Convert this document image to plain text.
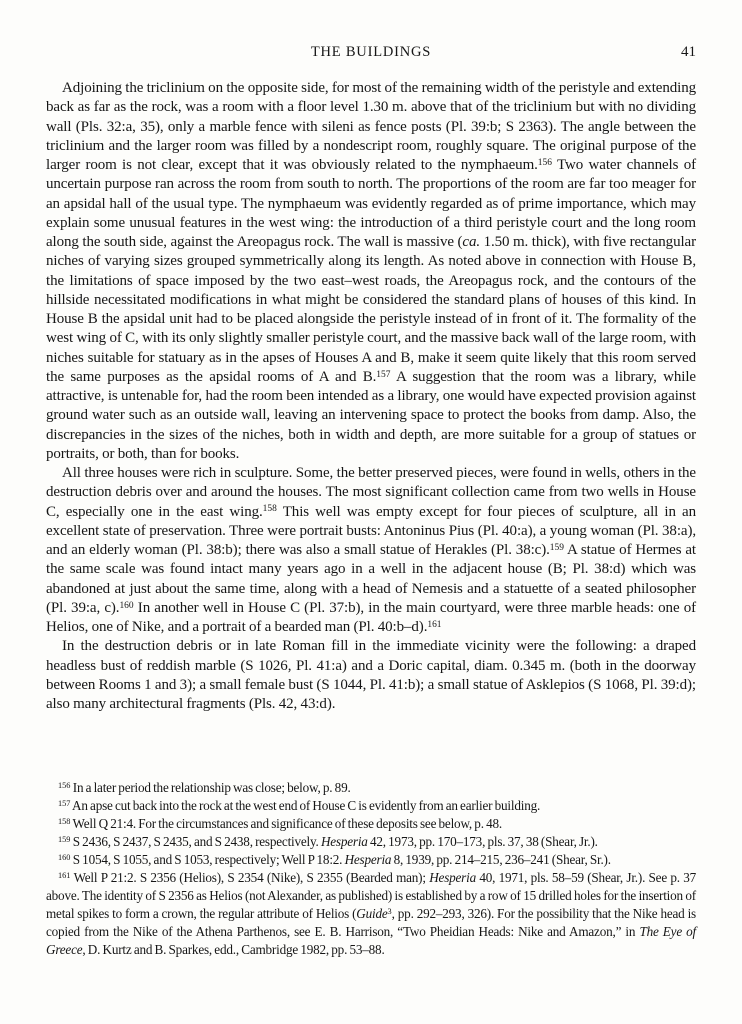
THE BUILDINGS	41

Adjoining the triclinium on the opposite side, for most of the remaining width of the peristyle and extending back as far as the rock, was a room with a floor level 1.30 m. above that of the triclinium but with no dividing wall (Pls. 32:a, 35), only a marble fence with sileni as fence posts (Pl. 39:b; S 2363). The angle between the triclinium and the larger room was filled by a nondescript room, roughly square. The original purpose of the larger room is not clear, except that it was obviously related to the nymphaeum.$^{156}$ Two water channels of uncertain purpose ran across the room from south to north. The proportions of the room are far too meager for an apsidal hall of the usual type. The nymphaeum was evidently regarded as of prime importance, which may explain some unusual features in the west wing: the introduction of a third peristyle court and the long room along the south side, against the Areopagus rock. The wall is massive (ca. 1.50 m. thick), with five rectangular niches of varying sizes grouped symmetrically along its length. As noted above in connection with House B, the limitations of space imposed by the two east–west roads, the Areopagus rock, and the contours of the hillside necessitated modifications in what might be considered the standard plans of houses of this kind. In House B the apsidal unit had to be placed alongside the peristyle instead of in front of it. The formality of the west wing of C, with its only slightly smaller peristyle court, and the massive back wall of the large room, with niches suitable for statuary as in the apses of Houses A and B, make it seem quite likely that this room served the same purposes as the apsidal rooms of A and B.$^{157}$ A suggestion that the room was a library, while attractive, is untenable for, had the room been intended as a library, one would have expected provision against ground water such as an outside wall, leaving an intervening space to protect the books from damp. Also, the discrepancies in the sizes of the niches, both in width and depth, are more suitable for a group of statues or portraits, or both, than for books.

All three houses were rich in sculpture. Some, the better preserved pieces, were found in wells, others in the destruction debris over and around the houses. The most significant collection came from two wells in House C, especially one in the east wing.$^{158}$ This well was empty except for four pieces of sculpture, all in an excellent state of preservation. Three were portrait busts: Antoninus Pius (Pl. 40:a), a young woman (Pl. 38:a), and an elderly woman (Pl. 38:b); there was also a small statue of Herakles (Pl. 38:c).$^{159}$ A statue of Hermes at the same scale was found intact many years ago in a well in the adjacent house (B; Pl. 38:d) which was abandoned at just about the same time, along with a head of Nemesis and a statuette of a seated philosopher (Pl. 39:a, c).$^{160}$ In another well in House C (Pl. 37:b), in the main courtyard, were three marble heads: one of Helios, one of Nike, and a portrait of a bearded man (Pl. 40:b–d).$^{161}$

In the destruction debris or in late Roman fill in the immediate vicinity were the following: a draped headless bust of reddish marble (S 1026, Pl. 41:a) and a Doric capital, diam. 0.345 m. (both in the doorway between Rooms 1 and 3); a small female bust (S 1044, Pl. 41:b); a small statue of Asklepios (S 1068, Pl. 39:d); also many architectural fragments (Pls. 42, 43:d).

$^{156}$ In a later period the relationship was close; below, p. 89.

$^{157}$ An apse cut back into the rock at the west end of House C is evidently from an earlier building.

$^{158}$ Well Q 21:4. For the circumstances and significance of these deposits see below, p. 48.

$^{159}$ S 2436, S 2437, S 2435, and S 2438, respectively. Hesperia 42, 1973, pp. 170–173, pls. 37, 38 (Shear, Jr.).

$^{160}$ S 1054, S 1055, and S 1053, respectively; Well P 18:2. Hesperia 8, 1939, pp. 214–215, 236–241 (Shear, Sr.).

$^{161}$ Well P 21:2. S 2356 (Helios), S 2354 (Nike), S 2355 (Bearded man); Hesperia 40, 1971, pls. 58–59 (Shear, Jr.). See p. 37 above. The identity of S 2356 as Helios (not Alexander, as published) is established by a row of 15 drilled holes for the insertion of metal spikes to form a crown, the regular attribute of Helios (Guide$^3$, pp. 292–293, 326). For the possibility that the Nike head is copied from the Nike of the Athena Parthenos, see E. B. Harrison, “Two Pheidian Heads: Nike and Amazon,” in The Eye of Greece, D. Kurtz and B. Sparkes, edd., Cambridge 1982, pp. 53–88.
